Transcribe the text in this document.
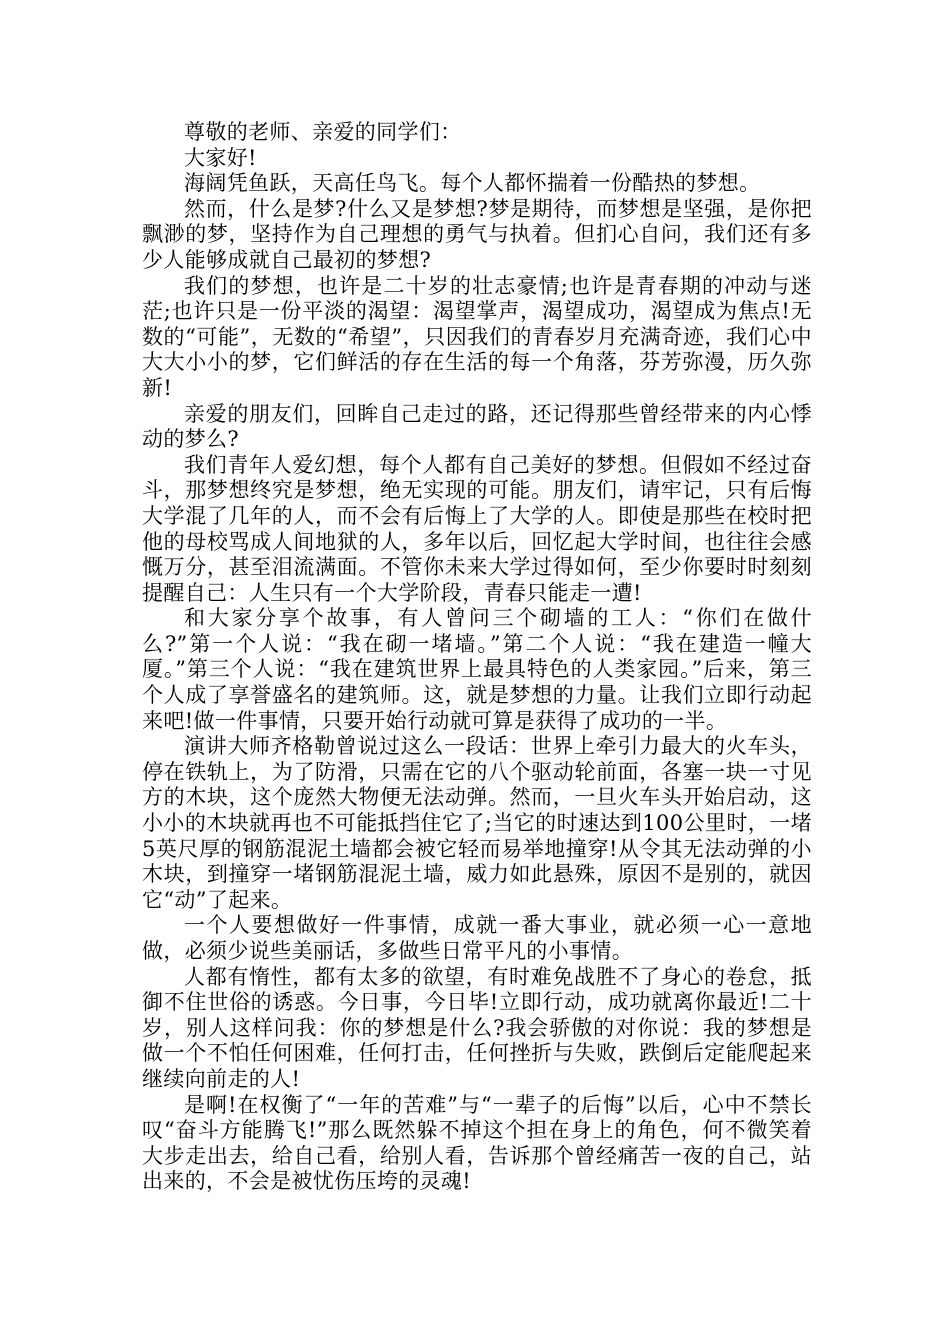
尊敬的老师、亲爱的同学们：

大家好!

海阔凭鱼跃，天高任鸟飞。每个人都怀揣着一份酷热的梦想。

然而，什么是梦?什么又是梦想?梦是期待，而梦想是坚强，是你把飘渺的梦，坚持作为自己理想的勇气与执着。但扪心自问，我们还有多少人能够成就自己最初的梦想?

我们的梦想，也许是二十岁的壮志豪情;也许是青春期的冲动与迷茫;也许只是一份平淡的渴望：渴望掌声，渴望成功，渴望成为焦点!无数的“可能”，无数的“希望”，只因我们的青春岁月充满奇迹，我们心中大大小小的梦，它们鲜活的存在生活的每一个角落，芬芳弥漫，历久弥新!

亲爱的朋友们，回眸自己走过的路，还记得那些曾经带来的内心悸动的梦么?

我们青年人爱幻想，每个人都有自己美好的梦想。但假如不经过奋斗，那梦想终究是梦想，绝无实现的可能。朋友们，请牢记，只有后悔大学混了几年的人，而不会有后悔上了大学的人。即使是那些在校时把他的母校骂成人间地狱的人，多年以后，回忆起大学时间，也往往会感慨万分，甚至泪流满面。不管你未来大学过得如何，至少你要时时刻刻提醒自己：人生只有一个大学阶段，青春只能走一遭!

和大家分享个故事，有人曾问三个砌墙的工人：“你们在做什么?”第一个人说：“我在砌一堵墙。”第二个人说：“我在建造一幢大厦。”第三个人说：“我在建筑世界上最具特色的人类家园。”后来，第三个人成了享誉盛名的建筑师。这，就是梦想的力量。让我们立即行动起来吧!做一件事情，只要开始行动就可算是获得了成功的一半。

演讲大师齐格勒曾说过这么一段话：世界上牵引力最大的火车头，停在铁轨上，为了防滑，只需在它的八个驱动轮前面，各塞一块一寸见方的木块，这个庞然大物便无法动弹。然而，一旦火车头开始启动，这小小的木块就再也不可能抵挡住它了;当它的时速达到100公里时，一堵5英尺厚的钢筋混泥土墙都会被它轻而易举地撞穿!从令其无法动弹的小木块，到撞穿一堵钢筋混泥土墙，威力如此悬殊，原因不是别的，就因它“动”了起来。

一个人要想做好一件事情，成就一番大事业，就必须一心一意地做，必须少说些美丽话，多做些日常平凡的小事情。

人都有惰性，都有太多的欲望，有时难免战胜不了身心的卷怠，抵御不住世俗的诱惑。今日事，今日毕!立即行动，成功就离你最近!二十岁，别人这样问我：你的梦想是什么?我会骄傲的对你说：我的梦想是做一个不怕任何困难，任何打击，任何挫折与失败，跌倒后定能爬起来继续向前走的人!

是啊!在权衡了“一年的苦难”与“一辈子的后悔”以后，心中不禁长叹“奋斗方能腾飞!”那么既然躲不掉这个担在身上的角色，何不微笑着大步走出去，给自己看，给别人看，告诉那个曾经痛苦一夜的自己，站出来的，不会是被忧伤压垮的灵魂!
